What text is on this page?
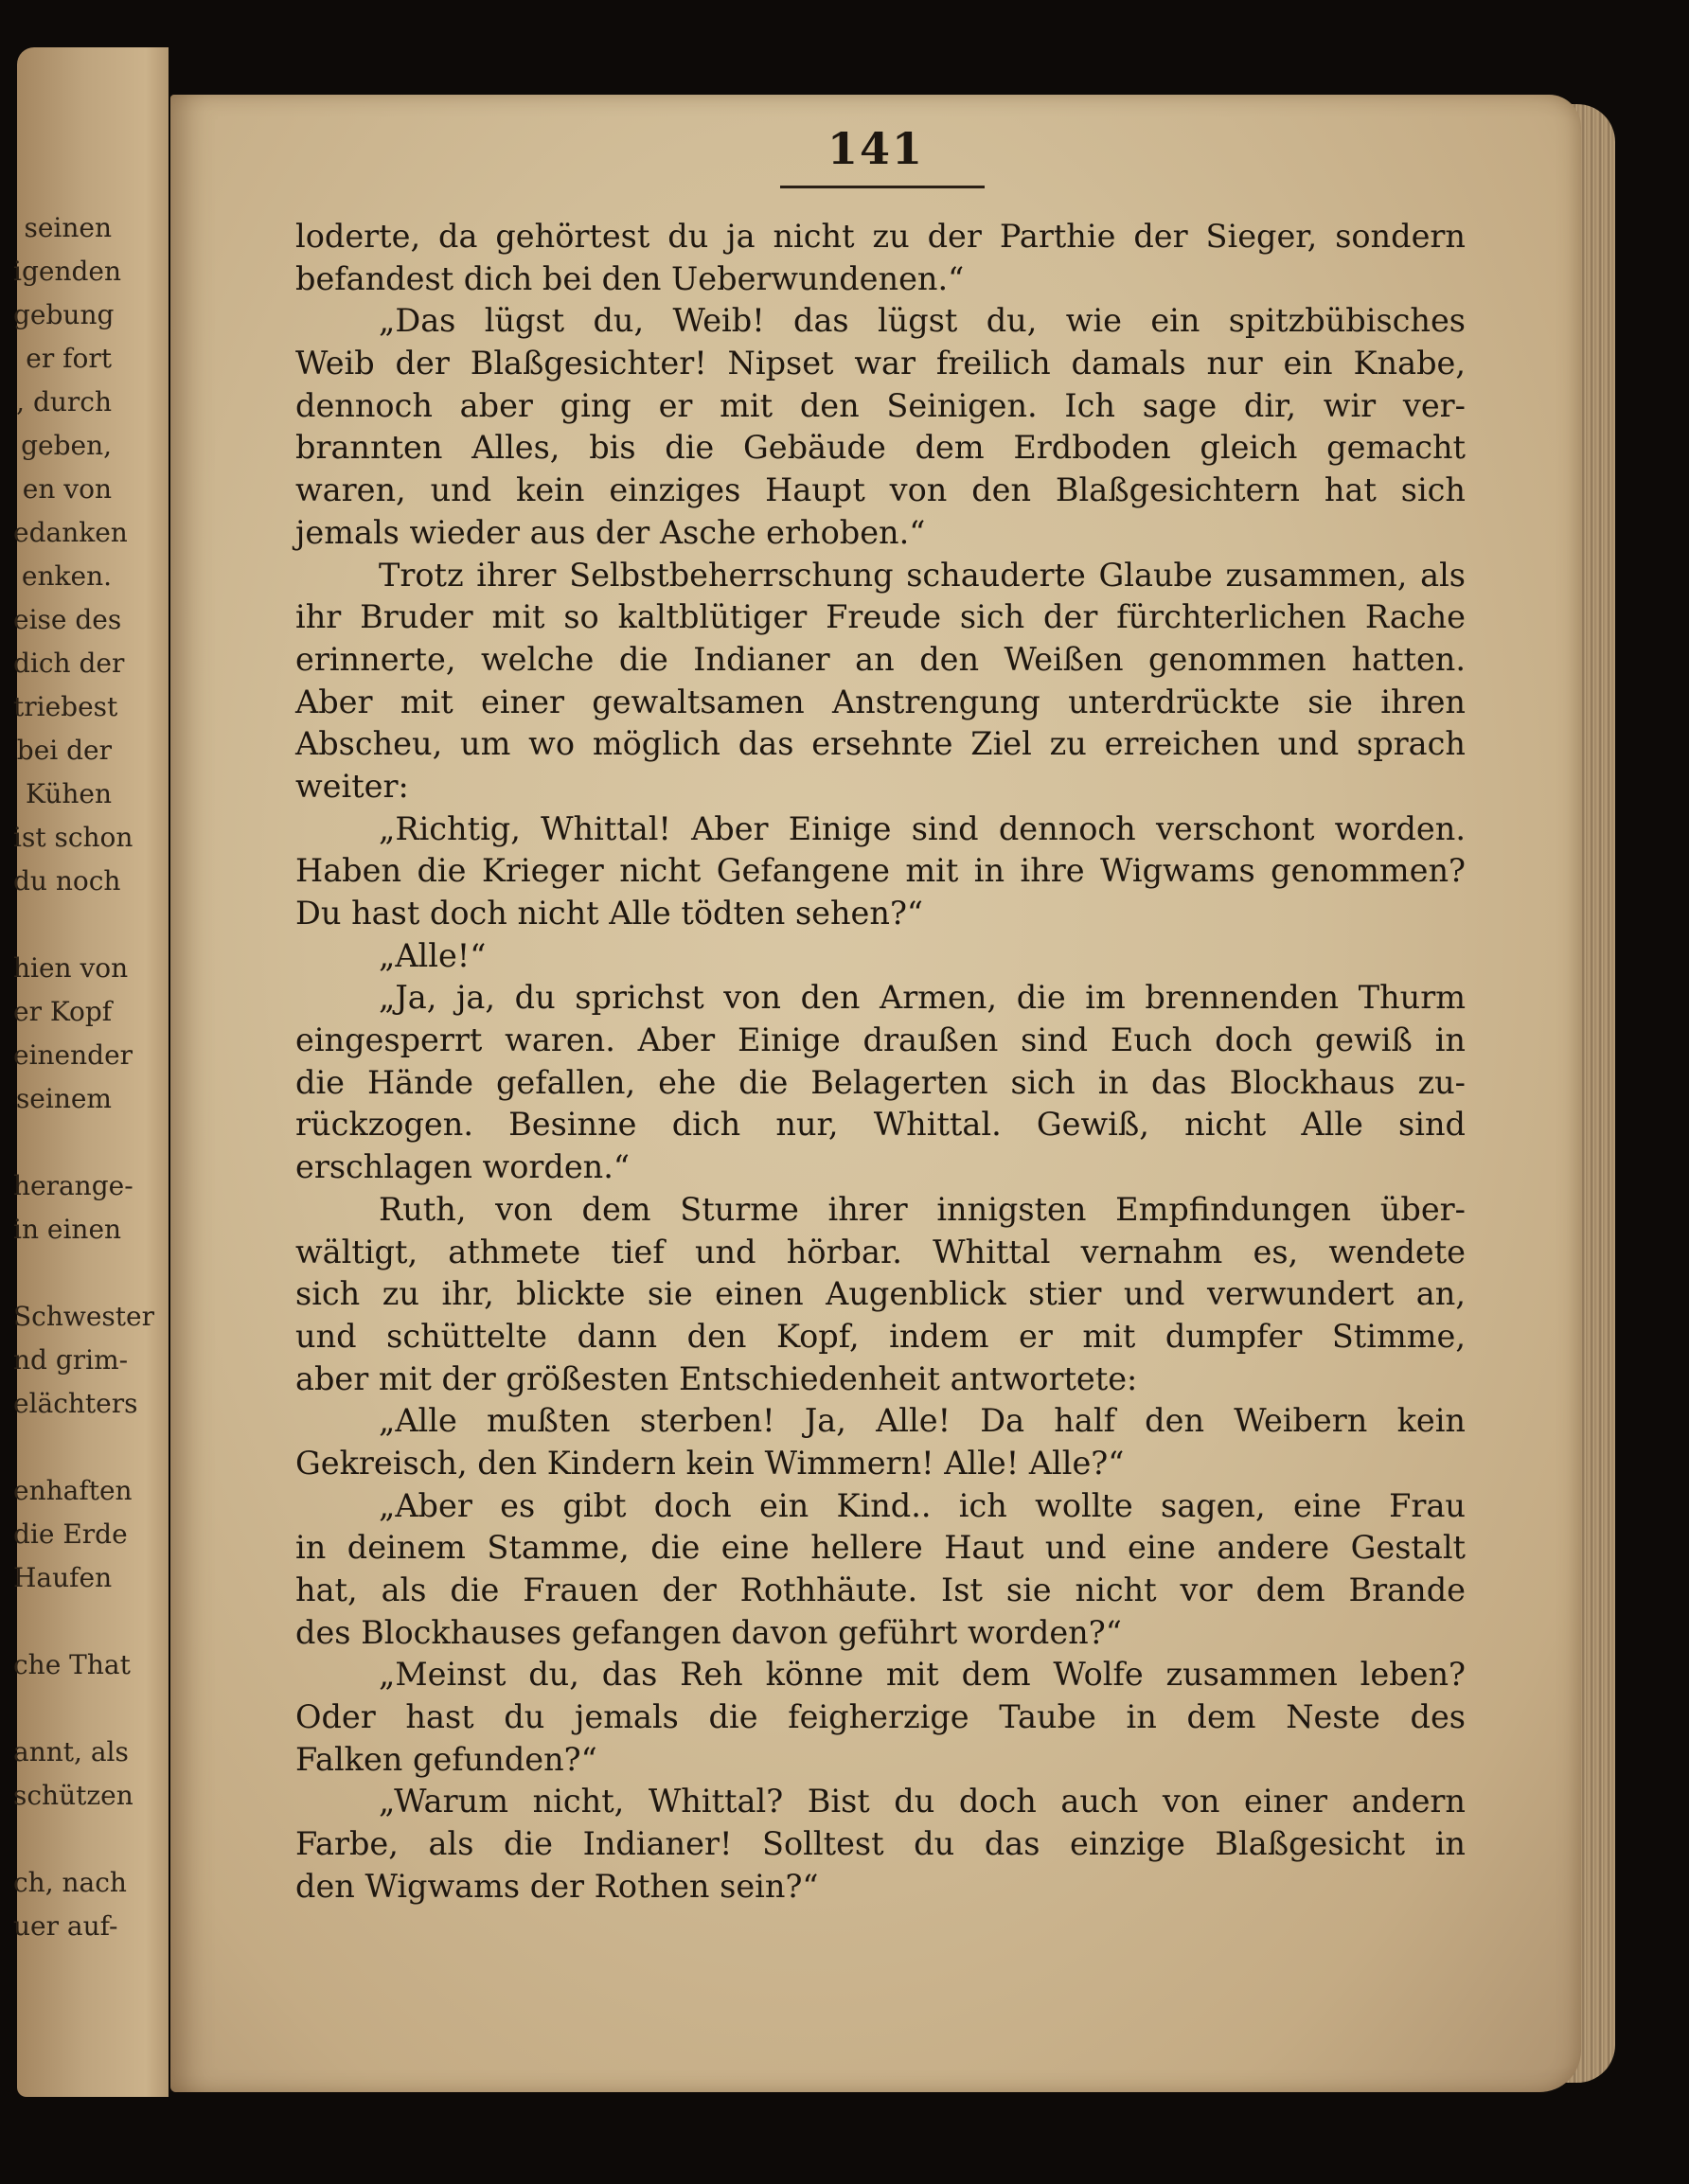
seinen
igenden
gebung
er fort
, durch
geben,
en von
edanken
enken.
eise des
dich der
triebest
bei der
Kühen
ist schon
du noch
hien von
er Kopf
einender
seinem
herange-
in einen
Schwester
nd grim-
elächters
enhaften
die Erde
Haufen
che That
annt, als
schützen
ch, nach
uer auf-
141
loderte, da gehörtest du ja nicht zu der Parthie der Sieger, sondern
befandest dich bei den Ueberwundenen.“
„Das lügst du, Weib! das lügst du, wie ein spitzbübisches
Weib der Blaßgesichter! Nipset war freilich damals nur ein Knabe,
dennoch aber ging er mit den Seinigen. Ich sage dir, wir ver-
brannten Alles, bis die Gebäude dem Erdboden gleich gemacht
waren, und kein einziges Haupt von den Blaßgesichtern hat sich
jemals wieder aus der Asche erhoben.“
Trotz ihrer Selbstbeherrschung schauderte Glaube zusammen, als
ihr Bruder mit so kaltblütiger Freude sich der fürchterlichen Rache
erinnerte, welche die Indianer an den Weißen genommen hatten.
Aber mit einer gewaltsamen Anstrengung unterdrückte sie ihren
Abscheu, um wo möglich das ersehnte Ziel zu erreichen und sprach
weiter:
„Richtig, Whittal! Aber Einige sind dennoch verschont worden.
Haben die Krieger nicht Gefangene mit in ihre Wigwams genommen?
Du hast doch nicht Alle tödten sehen?“
„Alle!“
„Ja, ja, du sprichst von den Armen, die im brennenden Thurm
eingesperrt waren. Aber Einige draußen sind Euch doch gewiß in
die Hände gefallen, ehe die Belagerten sich in das Blockhaus zu-
rückzogen. Besinne dich nur, Whittal. Gewiß, nicht Alle sind
erschlagen worden.“
Ruth, von dem Sturme ihrer innigsten Empfindungen über-
wältigt, athmete tief und hörbar. Whittal vernahm es, wendete
sich zu ihr, blickte sie einen Augenblick stier und verwundert an,
und schüttelte dann den Kopf, indem er mit dumpfer Stimme,
aber mit der größesten Entschiedenheit antwortete:
„Alle mußten sterben! Ja, Alle! Da half den Weibern kein
Gekreisch, den Kindern kein Wimmern! Alle! Alle?“
„Aber es gibt doch ein Kind.. ich wollte sagen, eine Frau
in deinem Stamme, die eine hellere Haut und eine andere Gestalt
hat, als die Frauen der Rothhäute. Ist sie nicht vor dem Brande
des Blockhauses gefangen davon geführt worden?“
„Meinst du, das Reh könne mit dem Wolfe zusammen leben?
Oder hast du jemals die feigherzige Taube in dem Neste des
Falken gefunden?“
„Warum nicht, Whittal? Bist du doch auch von einer andern
Farbe, als die Indianer! Solltest du das einzige Blaßgesicht in
den Wigwams der Rothen sein?“
